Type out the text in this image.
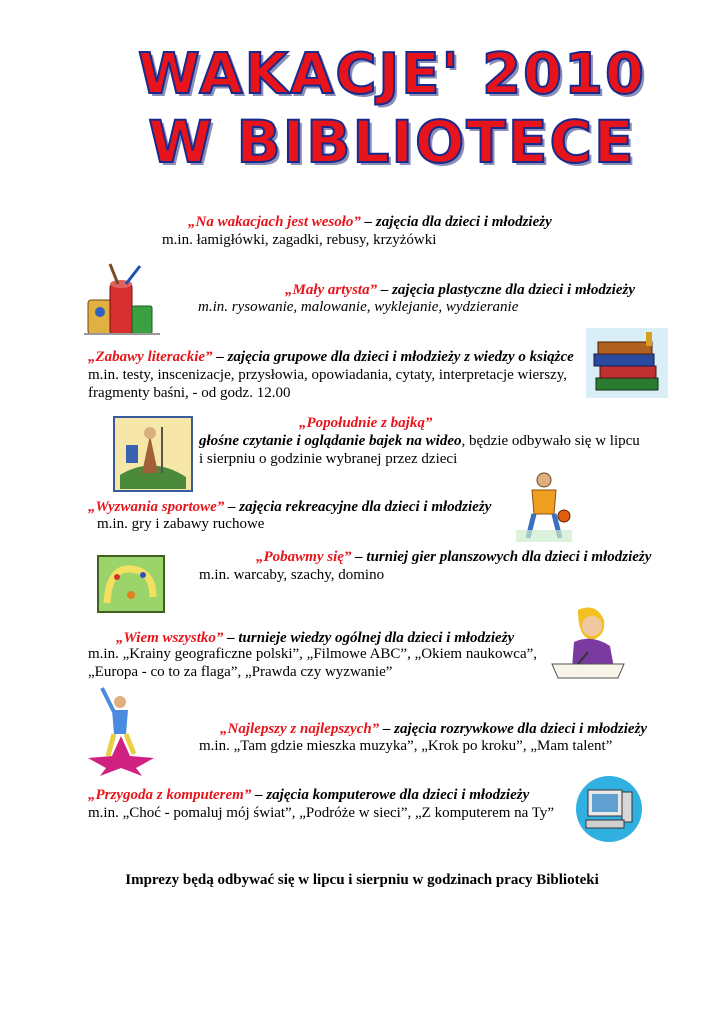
WAKACJE' 2010
W BIBLIOTECE
„Na wakacjach jest wesoło” – zajęcia dla dzieci i młodzieży
m.in. łamigłówki, zagadki, rebusy, krzyżówki
„Mały artysta” – zajęcia plastyczne dla dzieci i młodzieży
m.in. rysowanie, malowanie, wyklejanie, wydzieranie
„Zabawy literackie” – zajęcia grupowe dla dzieci i młodzieży z wiedzy o książce
m.in. testy, inscenizacje, przysłowia, opowiadania, cytaty, interpretacje wierszy,
fragmenty baśni, - od godz. 12.00
„Popołudnie z bajką”
głośne czytanie i oglądanie bajek na wideo, będzie odbywało się w lipcu
i sierpniu o godzinie wybranej przez dzieci
„Wyzwania sportowe” – zajęcia rekreacyjne dla dzieci i młodzieży
m.in. gry i zabawy ruchowe
„Pobawmy się” – turniej gier planszowych dla dzieci i młodzieży
m.in. warcaby, szachy, domino
„Wiem wszystko” – turnieje wiedzy ogólnej dla dzieci i młodzieży
m.in. „Krainy geograficzne polski”, „Filmowe ABC”, „Okiem naukowca”,
„Europa - co to za flaga”, „Prawda czy wyzwanie”
„Najlepszy z najlepszych” – zajęcia rozrywkowe dla dzieci i młodzieży
m.in. „Tam gdzie mieszka muzyka”, „Krok po kroku”, „Mam talent”
„Przygoda z komputerem” – zajęcia komputerowe dla dzieci i młodzieży
m.in. „Choć - pomaluj mój świat”, „Podróże w sieci”, „Z komputerem na Ty”
Imprezy będą odbywać się w lipcu i sierpniu w godzinach pracy Biblioteki
